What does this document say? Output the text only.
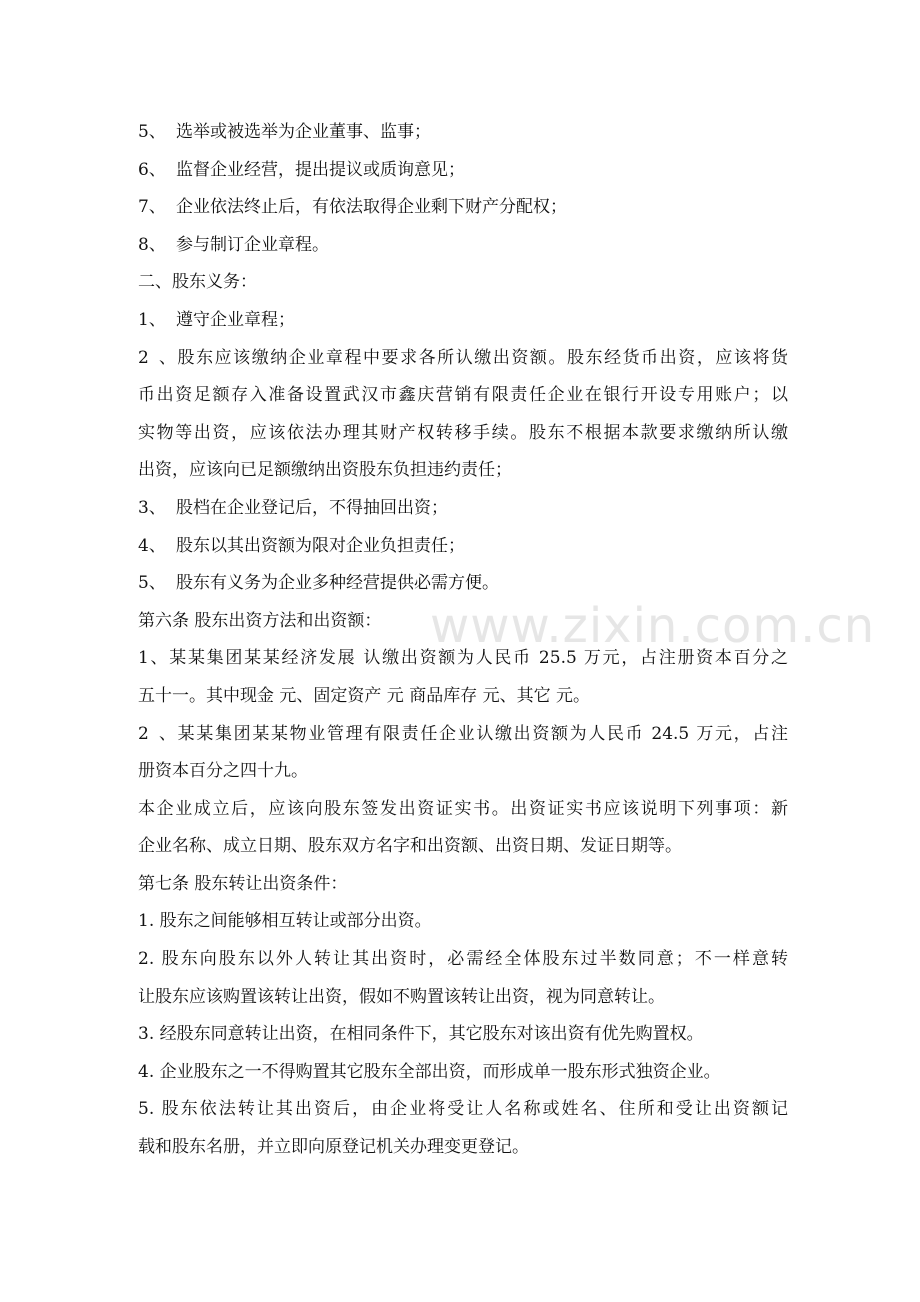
www.zixin.com.cn
5、 选举或被选举为企业董事、监事；
6、 监督企业经营，提出提议或质询意见；
7、 企业依法终止后，有依法取得企业剩下财产分配权；
8、 参与制订企业章程。
二、股东义务：
1、 遵守企业章程；
2、股东应该缴纳企业章程中要求各所认缴出资额。股东经货币出资，应该将货
币出资足额存入准备设置武汉市鑫庆营销有限责任企业在银行开设专用账户；以
实物等出资，应该依法办理其财产权转移手续。股东不根据本款要求缴纳所认缴
出资，应该向已足额缴纳出资股东负担违约责任；
3、 股档在企业登记后，不得抽回出资；
4、 股东以其出资额为限对企业负担责任；
5、 股东有义务为企业多种经营提供必需方便。
第六条 股东出资方法和出资额：
1、某某集团某某经济发展 认缴出资额为人民币 25.5 万元，占注册资本百分之
五十一。其中现金 元、固定资产 元 商品库存 元、其它 元。
2、某某集团某某物业管理有限责任企业认缴出资额为人民币 24.5 万元，占注
册资本百分之四十九。
本企业成立后，应该向股东签发出资证实书。出资证实书应该说明下列事项：新
企业名称、成立日期、股东双方名字和出资额、出资日期、发证日期等。
第七条 股东转让出资条件：
1. 股东之间能够相互转让或部分出资。
2. 股东向股东以外人转让其出资时，必需经全体股东过半数同意；不一样意转
让股东应该购置该转让出资，假如不购置该转让出资，视为同意转让。
3. 经股东同意转让出资，在相同条件下，其它股东对该出资有优先购置权。
4. 企业股东之一不得购置其它股东全部出资，而形成单一股东形式独资企业。
5. 股东依法转让其出资后，由企业将受让人名称或姓名、住所和受让出资额记
载和股东名册，并立即向原登记机关办理变更登记。
